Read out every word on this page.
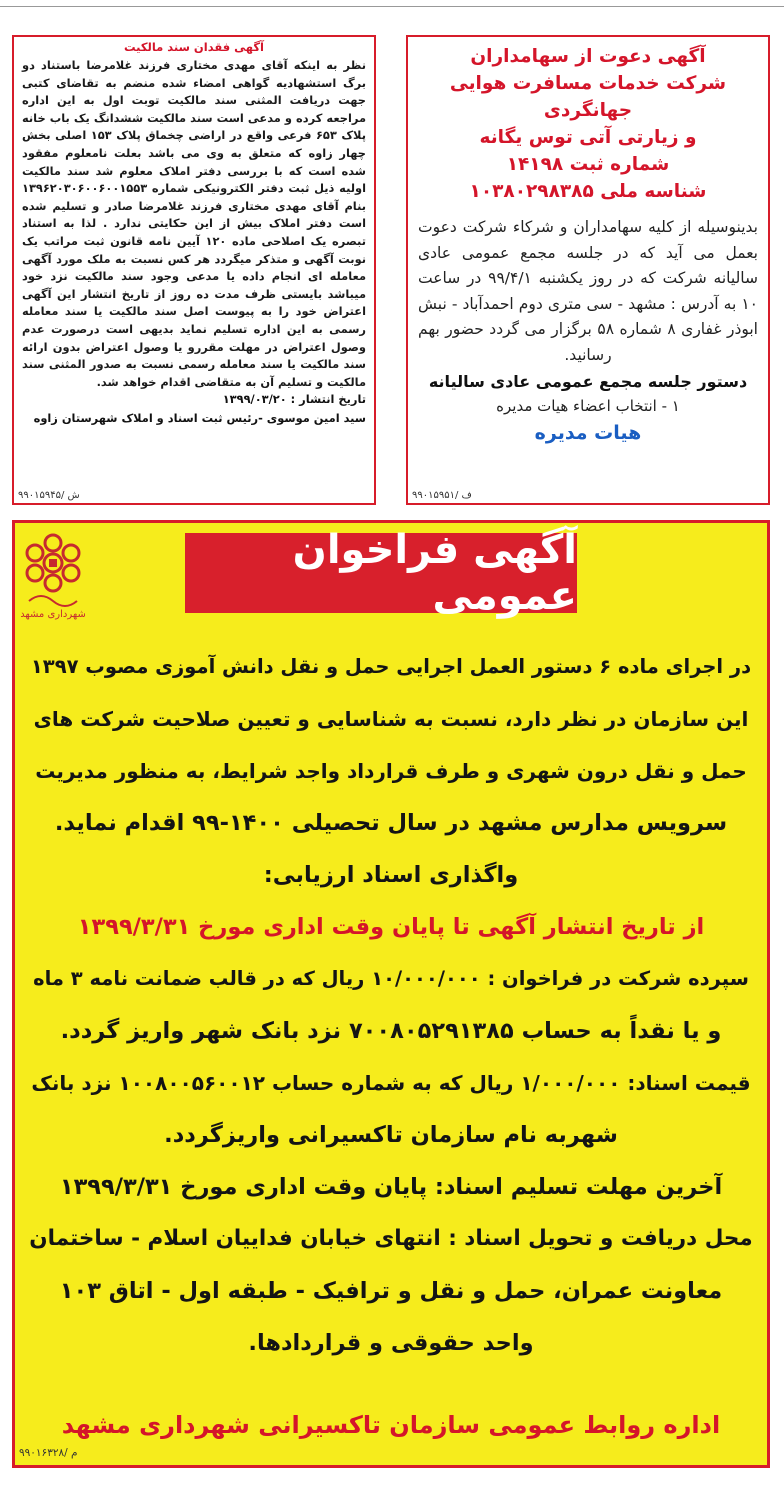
آگهی دعوت از سهامداران

شرکت خدمات مسافرت هوایی جهانگردی

و زیارتی آتی توس یگانه

شماره ثبت ۱۴۱۹۸

شناسه ملی ۱۰۳۸۰۲۹۸۳۸۵

بدینوسیله از کلیه سهامداران و شرکاء شرکت دعوت بعمل می آید که در جلسه مجمع عمومی عادی سالیانه شرکت که در روز یکشنبه ۹۹/۴/۱ در ساعت ۱۰ به آدرس : مشهد - سی متری دوم احمدآباد - نبش ابوذر غفاری ۸ شماره ۵۸ برگزار می گردد حضور بهم رسانید.
دستور جلسه مجمع عمومی عادی سالیانه
۱ - انتخاب اعضاء هیات مدیره
هیات مدیره
۹۹۰۱۵۹۵۱/ ف
آگهی فقدان سند مالکیت
نظر به اینکه آقای مهدی مختاری فرزند غلامرضا باستناد دو برگ استشهادیه گواهی امضاء شده منضم به تقاضای کتبی جهت دریافت المثنی سند مالکیت توبت اول به این اداره مراجعه کرده و مدعی است سند مالکیت ششدانگ یک باب خانه پلاک ۶۵۳ فرعی واقع در اراضی چخماق پلاک ۱۵۳ اصلی بخش چهار زاوه که متعلق به وی می باشد بعلت نامعلوم مفقود شده است که با بررسی دفتر املاک معلوم شد سند مالکیت اولیه ذیل ثبت دفتر الکترونیکی شماره ۱۳۹۶۲۰۳۰۶۰۰۶۰۰۱۵۵۳ بنام آقای مهدی مختاری فرزند غلامرضا صادر و تسلیم شده است دفتر املاک بیش از این حکایتی ندارد . لذا به استناد تبصره یک اصلاحی ماده ۱۲۰ آیین نامه قانون ثبت مراتب یک نوبت آگهی و متذکر میگردد هر کس نسبت به ملک مورد آگهی معامله ای انجام داده یا مدعی وجود سند مالکیت نزد خود میباشد بایستی ظرف مدت ده روز از تاریخ انتشار این آگهی اعتراض خود را به پیوست اصل سند مالکیت یا سند معامله رسمی به این اداره تسلیم نماید بدیهی است درصورت عدم وصول اعتراض در مهلت مقررو یا وصول اعتراض بدون ارائه سند مالکیت یا سند معامله رسمی نسبت به صدور المثنی سند مالکیت و تسلیم آن به متقاضی اقدام خواهد شد.
تاریخ انتشار : ۱۳۹۹/۰۳/۲۰
سید امین موسوی -رئیس ثبت اسناد و املاک شهرستان زاوه
۹۹۰۱۵۹۴۵/ ش
آگهی فراخوان عمومی
شهرداری مشهد
در اجرای ماده ۶ دستور العمل اجرایی حمل و نقل دانش آموزی مصوب ۱۳۹۷
این سازمان در نظر دارد، نسبت به شناسایی و تعیین صلاحیت شرکت های
حمل و نقل درون شهری و طرف قرارداد واجد شرایط، به منظور مدیریت
سرویس مدارس مشهد در سال تحصیلی ۱۴۰۰-۹۹ اقدام نماید.
واگذاری اسناد ارزیابی:
از تاریخ انتشار آگهی تا پایان وقت اداری مورخ ۱۳۹۹/۳/۳۱
سپرده شرکت در فراخوان : ۱۰/۰۰۰/۰۰۰ ریال که در قالب ضمانت نامه ۳ ماه
و یا نقداً به حساب ۷۰۰۸۰۵۲۹۱۳۸۵ نزد بانک شهر واریز گردد.
قیمت اسناد: ۱/۰۰۰/۰۰۰ ریال که به شماره حساب ۱۰۰۸۰۰۵۶۰۰۱۲ نزد بانک
شهربه نام سازمان تاکسیرانی واریزگردد.
آخرین مهلت تسلیم اسناد: پایان وقت اداری مورخ ۱۳۹۹/۳/۳۱
محل دریافت و تحویل اسناد : انتهای خیابان فداییان اسلام - ساختمان
معاونت عمران، حمل و نقل و ترافیک - طبقه اول - اتاق ۱۰۳
واحد حقوقی و قراردادها.
اداره روابط عمومی سازمان تاکسیرانی شهرداری مشهد
۹۹۰۱۶۳۲۸/ م
